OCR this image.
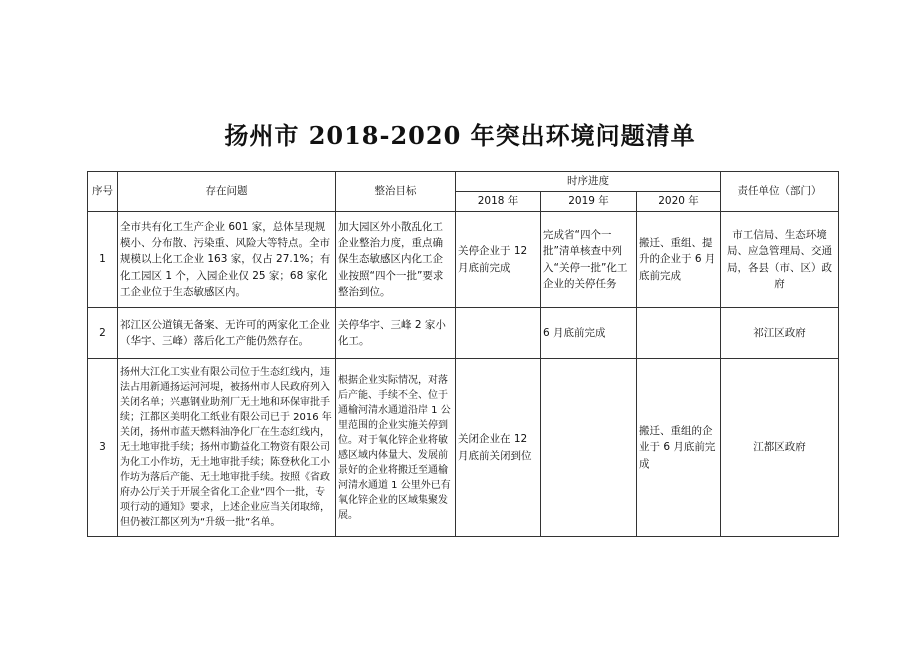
扬州市 2018-2020 年突出环境问题清单
序号	存在问题	整治目标	时序进度			责任单位（部门）
			2018 年	2019 年	2020 年	
1	全市共有化工生产企业 601 家，总体呈现规模小、分布散、污染重、风险大等特点。全市规模以上化工企业 163 家，仅占 27.1%；有化工园区 1 个，入园企业仅 25 家；68 家化工企业位于生态敏感区内。	加大园区外小散乱化工企业整治力度，重点确保生态敏感区内化工企业按照“四个一批”要求整治到位。	关停企业于 12 月底前完成	完成省“四个一批”清单核查中列入“关停一批”化工企业的关停任务	搬迁、重组、提升的企业于 6 月底前完成	市工信局、生态环境局、应急管理局、交通局，各县（市、区）政府
2	祁江区公道镇无备案、无许可的两家化工企业（华宇、三峰）落后化工产能仍然存在。	关停华宇、三峰 2 家小化工。		6 月底前完成		祁江区政府
3	扬州大江化工实业有限公司位于生态红线内，违法占用新通扬运河河堤，被扬州市人民政府列入关闭名单；兴惠钢业助剂厂无土地和环保审批手续；江都区美明化工纸业有限公司已于 2016 年关闭，扬州市蓝天燃料油净化厂在生态红线内，无土地审批手续；扬州市勤益化工物资有限公司为化工小作坊，无土地审批手续；陈登秋化工小作坊为落后产能、无土地审批手续。按照《省政府办公厅关于开展全省化工企业“四个一批，专项行动的通知》要求，上述企业应当关闭取缔，但仍被江都区列为“升级一批“名单。	根据企业实际情况，对落后产能、手续不全、位于通榆河清水通道沿岸 1 公里范围的企业实施关停到位。对于氧化锌企业将敏感区域内体量大、发展前景好的企业将搬迁至通榆河清水通道 1 公里外已有氧化锌企业的区域集聚发展。	关闭企业在 12 月底前关闭到位		搬迁、重组的企业于 6 月底前完成	江都区政府
